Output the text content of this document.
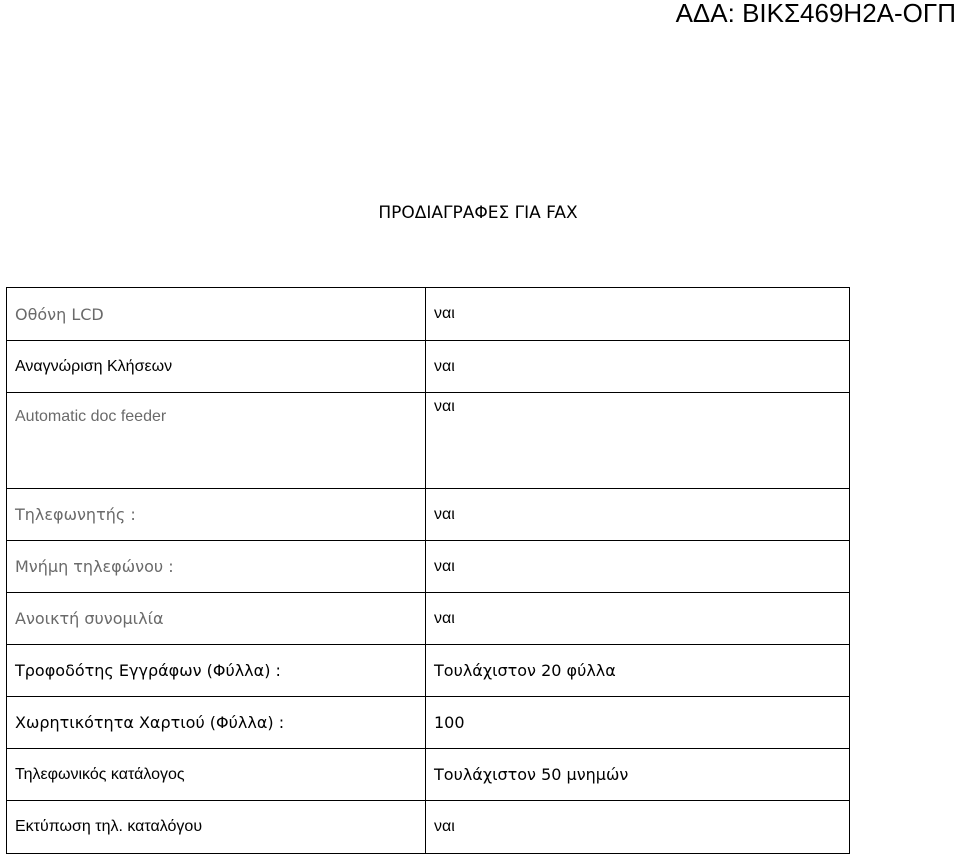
ΑΔΑ: ΒΙΚΣ469Η2Α-ΟΓΠ
ΠΡΟΔΙΑΓΡΑΦΕΣ ΓΙΑ FAX
Οθόνη LCD	ναι
Αναγνώριση Κλήσεων	ναι
Automatic doc feeder	ναι
Τηλεφωνητής :	ναι
Μνήμη τηλεφώνου :	ναι
Ανοικτή συνομιλία	ναι
Τροφοδότης Εγγράφων (Φύλλα) :	Τουλάχιστον 20 φύλλα
Χωρητικότητα Χαρτιού (Φύλλα) :	100
Τηλεφωνικός κατάλογος	Τουλάχιστον 50 μνημών
Εκτύπωση τηλ. καταλόγου	ναι
